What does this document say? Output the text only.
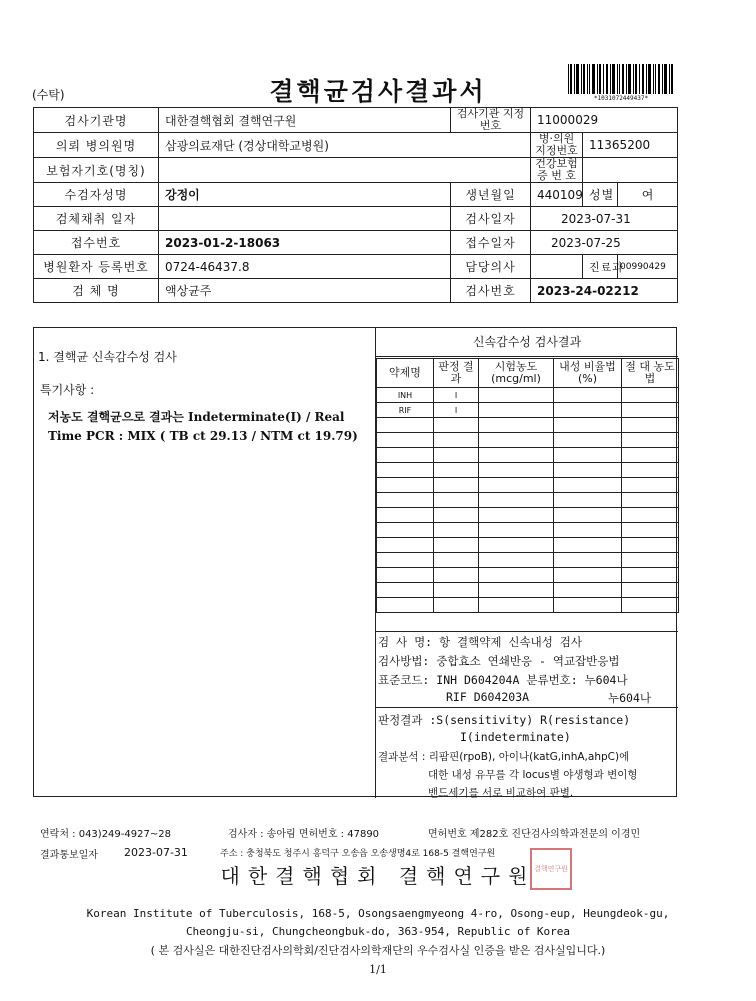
(수탁)	결핵균검사결과서	*1031072449437*
검사기관명	대한결핵협회 결핵연구원	검사기관 지정번호	11000029		
의뢰 병의원명	삼광의료재단 (경상대학교병원)		병·의원 지정번호	11365200	
보험자기호(명칭)			건강보험 증 번 호		
수검자성명	강정이	생년월일	440109	성별	여
검체채취 일자		검사일자	2023-07-31		
접수번호	2023-01-2-18063	접수일자	2023-07-25		
병원환자 등록번호	0724-46437.8	담당의사		진료과	00990429
검 체 명	액상균주	검사번호	2023-24-02212		
1. 결핵균 신속감수성 검사
특기사항 :
저농도 결핵균으로 결과는 Indeterminate(I) / Real
Time PCR : MIX ( TB ct 29.13 / NTM ct 19.79)
신속감수성 검사결과
약제명	판정 결과	시험농도 (mcg/ml)	내성 비율법(%)	절 대 농도법
INH	I			
RIF	I			

검 사 명: 항 결핵약제 신속내성 검사
검사방법: 중합효소 연쇄반응 - 역교잡반응법
표준코드: INH D604204A 분류번호: 누604나
RIF D604203A	누604나
판정결과 :S(sensitivity) R(resistance)
I(indeterminate)
결과분석 : 리팜핀(rpoB), 아이나(katG,inhA,ahpC)에
대한 내성 유무를 각 locus별 야생형과 변이형
밴드세기를 서로 비교하여 판별.
연락처 : 043)249-4927~28	검사자 : 송아림 면허번호 : 47890	면허번호 제282호 진단검사의학과전문의 이경민
결과통보일자 2023-07-31	주소 : 충청북도 청주시 흥덕구 오송읍 오송생명4로 168-5 결핵연구원
대한결핵협회 결핵연구원
결핵연구원
Korean Institute of Tuberculosis, 168-5, Osongsaengmyeong 4-ro, Osong-eup, Heungdeok-gu,
Cheongju-si, Chungcheongbuk-do, 363-954, Republic of Korea
( 본 검사실은 대한진단검사의학회/진단검사의학재단의 우수검사실 인증을 받은 검사실입니다.)
1/1
